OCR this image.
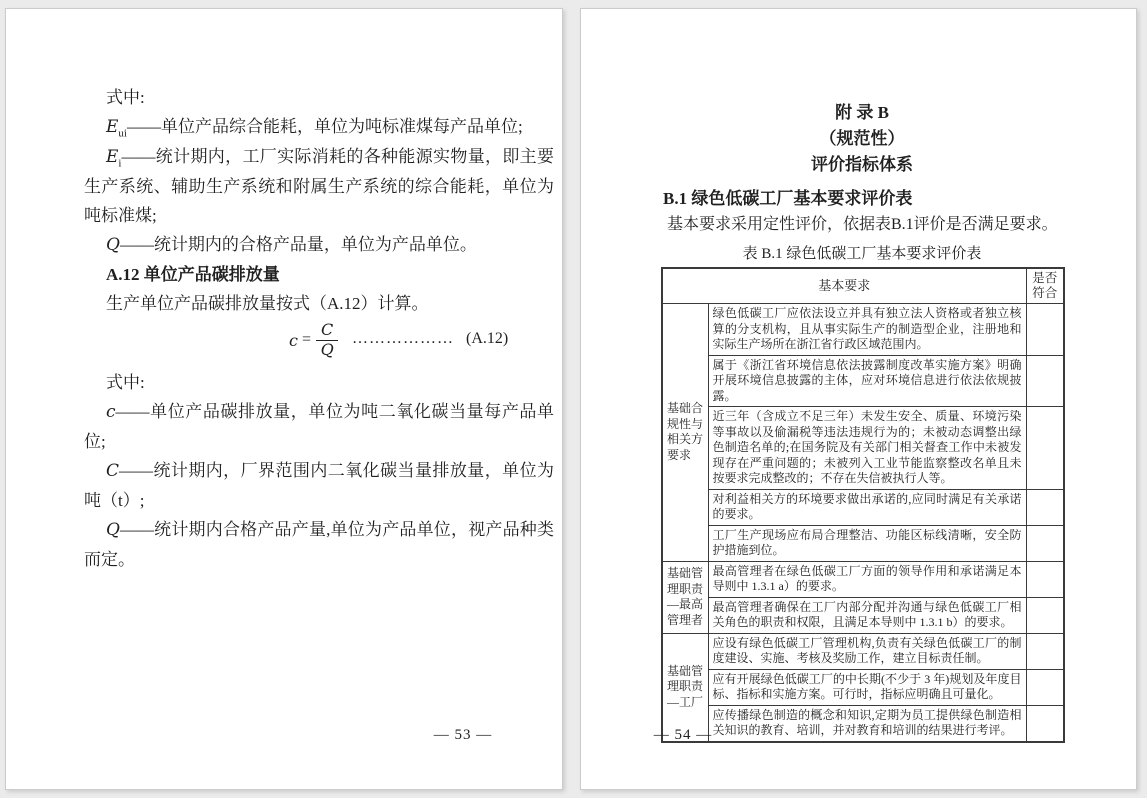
式中:

$E_{ui}——$单位产品综合能耗，单位为吨标准煤每产品单位;

$E_i——$统计期内，工厂实际消耗的各种能源实物量，即主要生产系统、辅助生产系统和附属生产系统的综合能耗，单位为吨标准煤;

Q——统计期内的合格产品量，单位为产品单位。

A.12 单位产品碳排放量

生产单位产品碳排放量按式（A.12）计算。

$c = \frac{C}{Q}$ ……………… (A.12)

式中:

c——单位产品碳排放量，单位为吨二氧化碳当量每产品单位;

C——统计期内，厂界范围内二氧化碳当量排放量，单位为吨（t）;

Q——统计期内合格产品产量,单位为产品单位，视产品种类而定。

— 53 —

附 录 B

（规范性）

评价指标体系

B.1 绿色低碳工厂基本要求评价表

基本要求采用定性评价，依据表B.1评价是否满足要求。

表 B.1 绿色低碳工厂基本要求评价表

基本要求		是否符合
基础合规性与相关方要求	绿色低碳工厂应依法设立并具有独立法人资格或者独立核算的分支机构，且从事实际生产的制造型企业，注册地和实际生产场所在浙江省行政区域范围内。	
	属于《浙江省环境信息依法披露制度改革实施方案》明确开展环境信息披露的主体，应对环境信息进行依法依规披露。	
	近三年（含成立不足三年）未发生安全、质量、环境污染等事故以及偷漏税等违法违规行为的；未被动态调整出绿色制造名单的;在国务院及有关部门相关督查工作中未被发现存在严重问题的；未被列入工业节能监察整改名单且未按要求完成整改的；不存在失信被执行人等。	
	对利益相关方的环境要求做出承诺的,应同时满足有关承诺的要求。	
	工厂生产现场应布局合理整洁、功能区标线清晰，安全防护措施到位。	
基础管理职责—最高管理者	最高管理者在绿色低碳工厂方面的领导作用和承诺满足本导则中 1.3.1 a）的要求。	
	最高管理者确保在工厂内部分配并沟通与绿色低碳工厂相关角色的职责和权限，且满足本导则中 1.3.1 b）的要求。	
基础管理职责—工厂	应设有绿色低碳工厂管理机构,负责有关绿色低碳工厂的制度建设、实施、考核及奖励工作，建立目标责任制。	
	应有开展绿色低碳工厂的中长期(不少于 3 年)规划及年度目标、指标和实施方案。可行时，指标应明确且可量化。	
	应传播绿色制造的概念和知识,定期为员工提供绿色制造相关知识的教育、培训，并对教育和培训的结果进行考评。	
— 54 —
